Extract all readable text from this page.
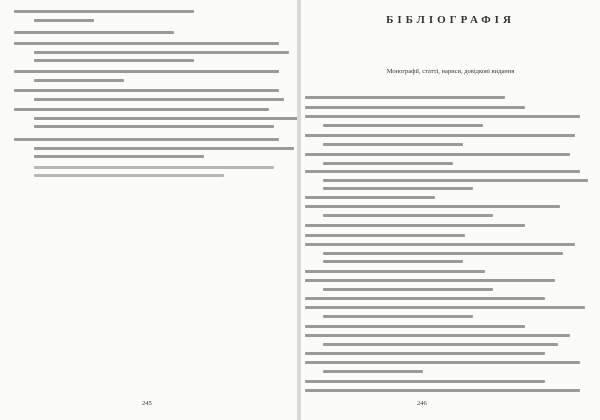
245
БІБЛІОГРАФІЯ
Монографії, статті, нариси, довідкові видання
246
